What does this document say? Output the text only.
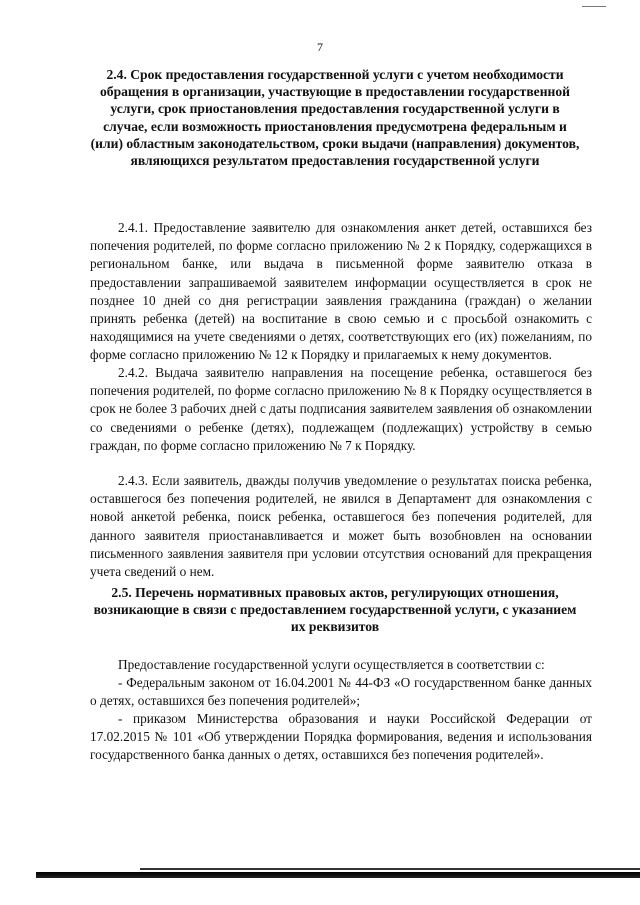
7
2.4. Срок предоставления государственной услуги с учетом необходимости обращения в организации, участвующие в предоставлении государственной услуги, срок приостановления предоставления государственной услуги в случае, если возможность приостановления предусмотрена федеральным и (или) областным законодательством, сроки выдачи (направления) документов, являющихся результатом предоставления государственной услуги
2.4.1. Предоставление заявителю для ознакомления анкет детей, оставшихся без попечения родителей, по форме согласно приложению № 2 к Порядку, содержащихся в региональном банке, или выдача в письменной форме заявителю отказа в предоставлении запрашиваемой заявителем информации осуществляется в срок не позднее 10 дней со дня регистрации заявления гражданина (граждан) о желании принять ребенка (детей) на воспитание в свою семью и с просьбой ознакомить с находящимися на учете сведениями о детях, соответствующих его (их) пожеланиям, по форме согласно приложению № 12 к Порядку и прилагаемых к нему документов.
2.4.2. Выдача заявителю направления на посещение ребенка, оставшегося без попечения родителей, по форме согласно приложению № 8 к Порядку осуществляется в срок не более 3 рабочих дней с даты подписания заявителем заявления об ознакомлении со сведениями о ребенке (детях), подлежащем (подлежащих) устройству в семью граждан, по форме согласно приложению № 7 к Порядку.
2.4.3. Если заявитель, дважды получив уведомление о результатах поиска ребенка, оставшегося без попечения родителей, не явился в Департамент для ознакомления с новой анкетой ребенка, поиск ребенка, оставшегося без попечения родителей, для данного заявителя приостанавливается и может быть возобновлен на основании письменного заявления заявителя при условии отсутствия оснований для прекращения учета сведений о нем.
2.5. Перечень нормативных правовых актов, регулирующих отношения, возникающие в связи с предоставлением государственной услуги, с указанием их реквизитов
Предоставление государственной услуги осуществляется в соответствии с:
- Федеральным законом от 16.04.2001 № 44-ФЗ «О государственном банке данных о детях, оставшихся без попечения родителей»;
- приказом Министерства образования и науки Российской Федерации от 17.02.2015 № 101 «Об утверждении Порядка формирования, ведения и использования государственного банка данных о детях, оставшихся без попечения родителей».
